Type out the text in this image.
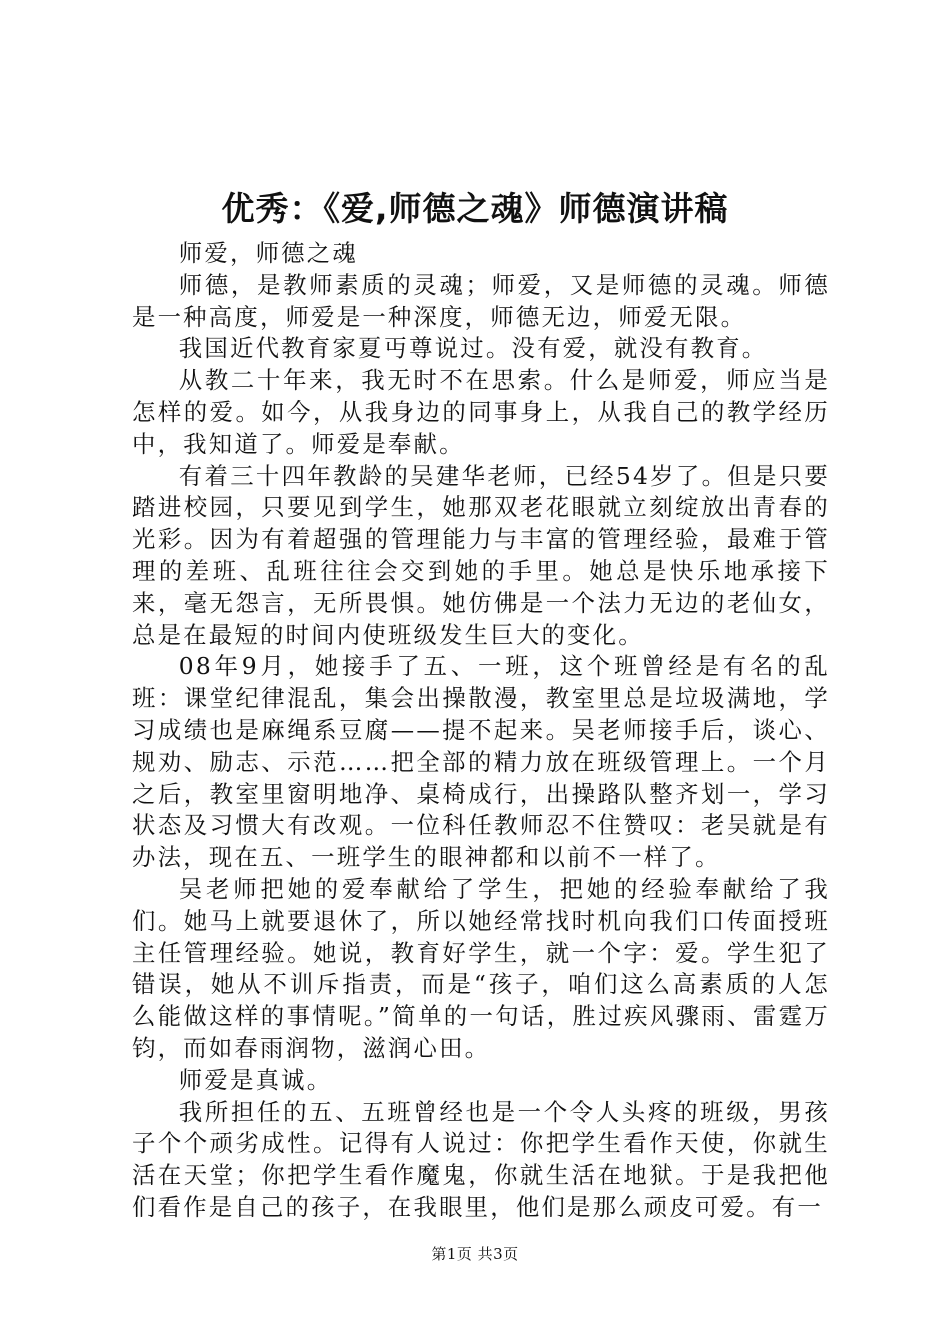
优秀：《爱,师德之魂》师德演讲稿

师爱，师德之魂

师德，是教师素质的灵魂；师爱，又是师德的灵魂。师德是一种高度，师爱是一种深度，师德无边，师爱无限。

我国近代教育家夏丏尊说过。没有爱，就没有教育。

从教二十年来，我无时不在思索。什么是师爱，师应当是怎样的爱。如今，从我身边的同事身上，从我自己的教学经历中，我知道了。师爱是奉献。

有着三十四年教龄的吴建华老师，已经54岁了。但是只要踏进校园，只要见到学生，她那双老花眼就立刻绽放出青春的光彩。因为有着超强的管理能力与丰富的管理经验，最难于管理的差班、乱班往往会交到她的手里。她总是快乐地承接下来，毫无怨言，无所畏惧。她仿佛是一个法力无边的老仙女，总是在最短的时间内使班级发生巨大的变化。

08年9月，她接手了五、一班，这个班曾经是有名的乱班：课堂纪律混乱，集会出操散漫，教室里总是垃圾满地，学习成绩也是麻绳系豆腐——提不起来。吴老师接手后，谈心、规劝、励志、示范……把全部的精力放在班级管理上。一个月之后，教室里窗明地净、桌椅成行，出操路队整齐划一，学习状态及习惯大有改观。一位科任教师忍不住赞叹：老吴就是有办法，现在五、一班学生的眼神都和以前不一样了。

吴老师把她的爱奉献给了学生，把她的经验奉献给了我们。她马上就要退休了，所以她经常找时机向我们口传面授班主任管理经验。她说，教育好学生，就一个字：爱。学生犯了错误，她从不训斥指责，而是“孩子，咱们这么高素质的人怎么能做这样的事情呢。”简单的一句话，胜过疾风骤雨、雷霆万钧，而如春雨润物，滋润心田。

师爱是真诚。

我所担任的五、五班曾经也是一个令人头疼的班级，男孩子个个顽劣成性。记得有人说过：你把学生看作天使，你就生活在天堂；你把学生看作魔鬼，你就生活在地狱。于是我把他们看作是自己的孩子，在我眼里，他们是那么顽皮可爱。有一

第1页 共3页
